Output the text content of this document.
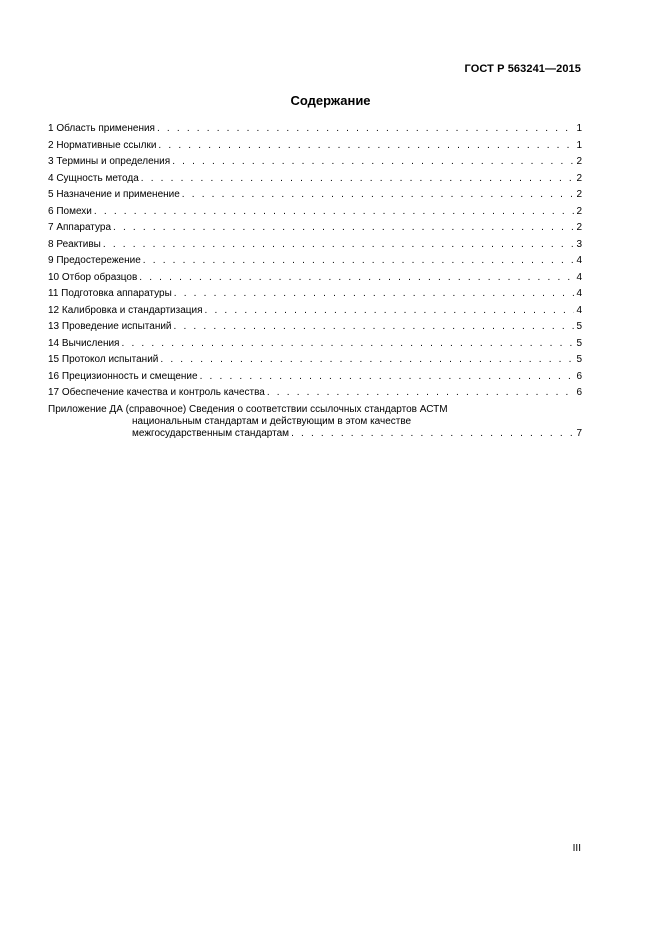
ГОСТ Р 563241—2015
Содержание
1 Область применения . . .	1
2 Нормативные ссылки . . .	1
3 Термины и определения . . .	2
4 Сущность метода . . .	2
5 Назначение и применение . . .	2
6 Помехи . . .	2
7 Аппаратура . . .	2
8 Реактивы . . .	3
9 Предостережение . . .	4
10 Отбор образцов . . .	4
11 Подготовка аппаратуры . . .	4
12 Калибровка и стандартизация . . .	4
13 Проведение испытаний . . .	5
14 Вычисления . . .	5
15 Протокол испытаний . . .	5
16 Прецизионность и смещение . . .	6
17 Обеспечение качества и контроль качества . . .	6
Приложение ДА (справочное) Сведения о соответствии ссылочных стандартов АСТМ
национальным стандартам и действующим в этом качестве
межгосударственным стандартам . . .	7
III
